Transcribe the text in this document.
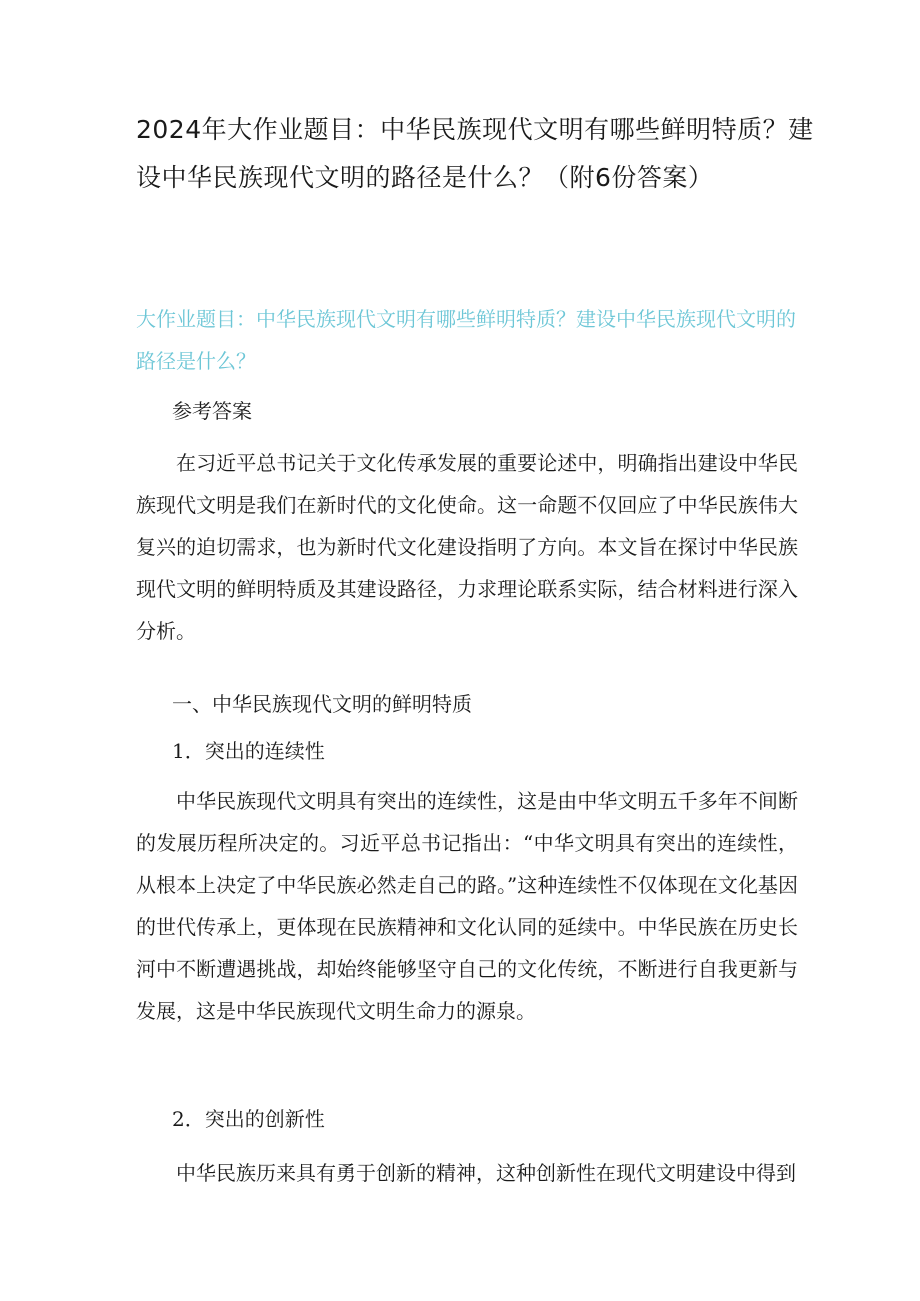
2024年大作业题目：中华民族现代文明有哪些鲜明特质？建设中华民族现代文明的路径是什么？（附6份答案）

大作业题目：中华民族现代文明有哪些鲜明特质？建设中华民族现代文明的路径是什么？

参考答案

在习近平总书记关于文化传承发展的重要论述中，明确指出建设中华民族现代文明是我们在新时代的文化使命。这一命题不仅回应了中华民族伟大复兴的迫切需求，也为新时代文化建设指明了方向。本文旨在探讨中华民族现代文明的鲜明特质及其建设路径，力求理论联系实际，结合材料进行深入分析。

一、中华民族现代文明的鲜明特质

1．突出的连续性

中华民族现代文明具有突出的连续性，这是由中华文明五千多年不间断的发展历程所决定的。习近平总书记指出：“中华文明具有突出的连续性，从根本上决定了中华民族必然走自己的路。”这种连续性不仅体现在文化基因的世代传承上，更体现在民族精神和文化认同的延续中。中华民族在历史长河中不断遭遇挑战，却始终能够坚守自己的文化传统，不断进行自我更新与发展，这是中华民族现代文明生命力的源泉。

2．突出的创新性

中华民族历来具有勇于创新的精神，这种创新性在现代文明建设中得到
